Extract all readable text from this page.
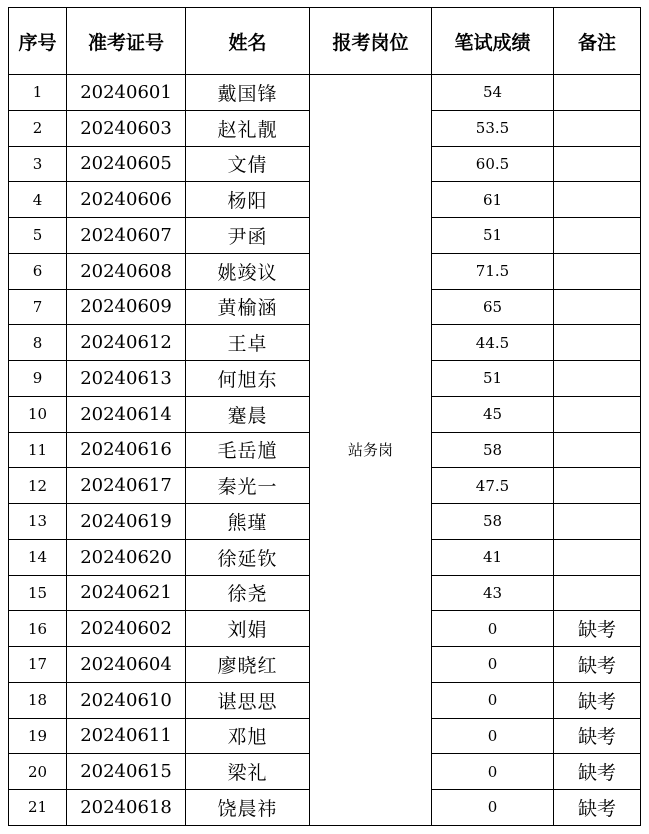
序号	准考证号	姓名	报考岗位	笔试成绩	备注
1	20240601	戴国锋	站务岗	54	
2	20240603	赵礼靓		53.5	
3	20240605	文倩		60.5	
4	20240606	杨阳		61	
5	20240607	尹函		51	
6	20240608	姚竣议		71.5	
7	20240609	黄榆涵		65	
8	20240612	王卓		44.5	
9	20240613	何旭东		51	
10	20240614	蹇晨		45	
11	20240616	毛岳馗		58	
12	20240617	秦光一		47.5	
13	20240619	熊瑾		58	
14	20240620	徐延钦		41	
15	20240621	徐尧		43	
16	20240602	刘娟		0	缺考
17	20240604	廖晓红		0	缺考
18	20240610	谌思思		0	缺考
19	20240611	邓旭		0	缺考
20	20240615	梁礼		0	缺考
21	20240618	饶晨祎		0	缺考
